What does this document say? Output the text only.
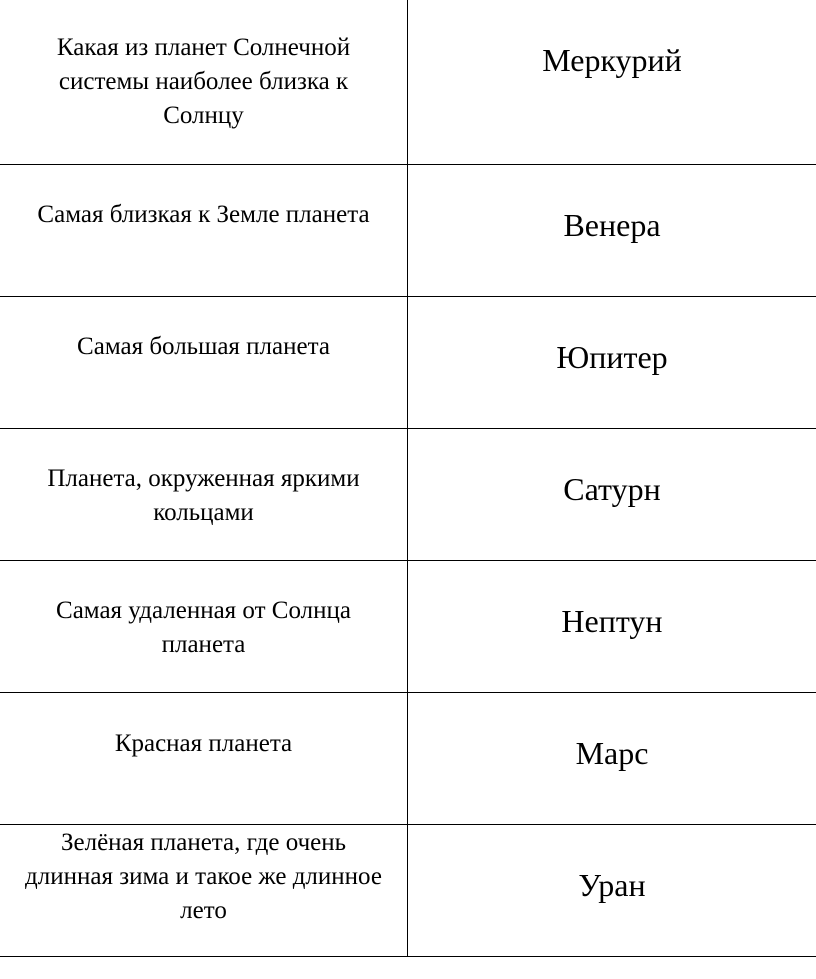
Какая из планет Солнечной системы наиболее близка к Солнцу	Меркурий

Самая близкая к Земле планета	Венера

Самая большая планета	Юпитер

Планета, окруженная яркими кольцами	Сатурн

Самая удаленная от Солнца планета	Нептун

Красная планета	Марс

Зелёная планета, где очень длинная зима и такое же длинное лето	Уран
